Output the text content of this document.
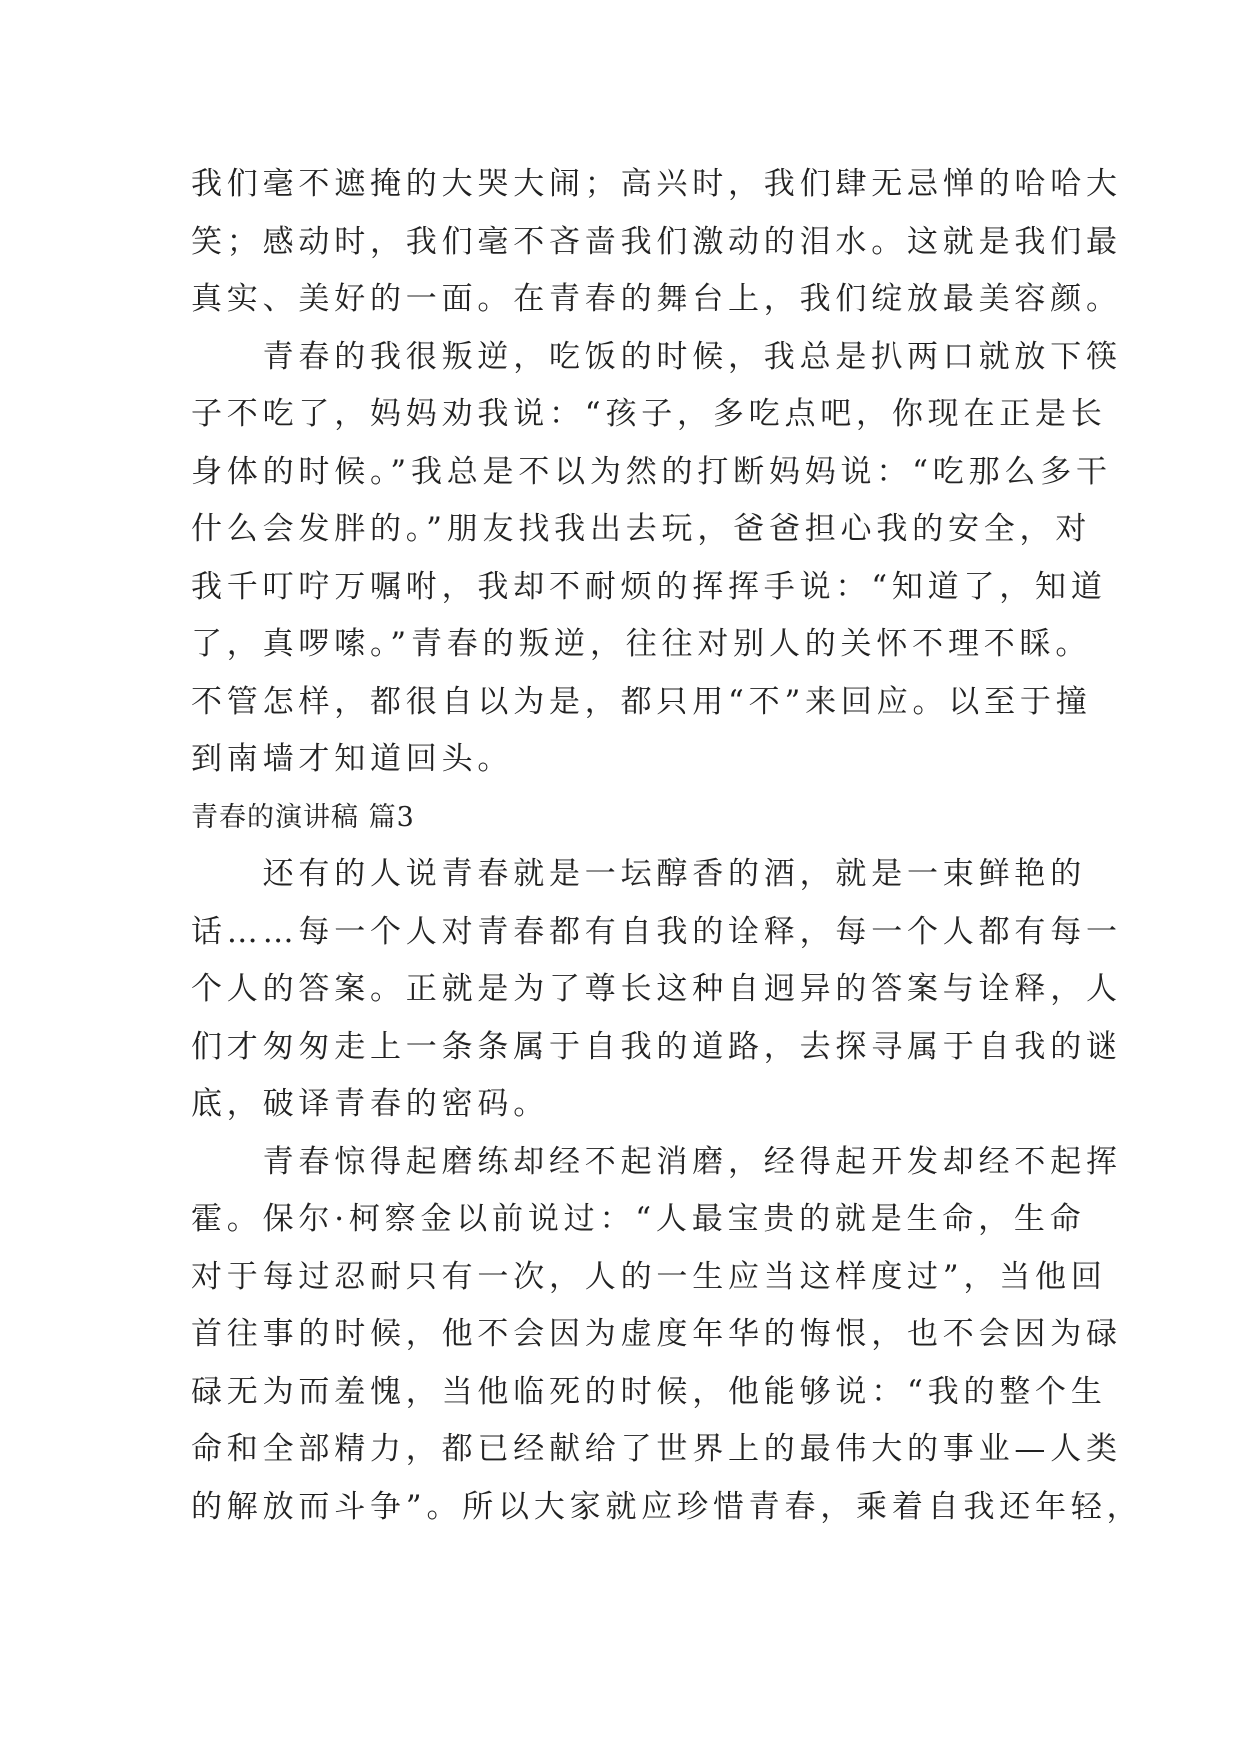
我们毫不遮掩的大哭大闹；高兴时，我们肆无忌惮的哈哈大
笑；感动时，我们毫不吝啬我们激动的泪水。这就是我们最
真实、美好的一面。在青春的舞台上，我们绽放最美容颜。
　　青春的我很叛逆，吃饭的时候，我总是扒两口就放下筷
子不吃了，妈妈劝我说：“孩子，多吃点吧，你现在正是长
身体的时候。”我总是不以为然的打断妈妈说：“吃那么多干
什么会发胖的。”朋友找我出去玩，爸爸担心我的安全，对
我千叮咛万嘱咐，我却不耐烦的挥挥手说：“知道了，知道
了，真啰嗦。”青春的叛逆，往往对别人的关怀不理不睬。
不管怎样，都很自以为是，都只用“不”来回应。以至于撞
到南墙才知道回头。
青春的演讲稿 篇3
　　还有的人说青春就是一坛醇香的酒，就是一束鲜艳的
话……每一个人对青春都有自我的诠释，每一个人都有每一
个人的答案。正就是为了尊长这种自迥异的答案与诠释，人
们才匆匆走上一条条属于自我的道路，去探寻属于自我的谜
底，破译青春的密码。
　　青春惊得起磨练却经不起消磨，经得起开发却经不起挥
霍。保尔·柯察金以前说过：“人最宝贵的就是生命，生命
对于每过忍耐只有一次，人的一生应当这样度过”，当他回
首往事的时候，他不会因为虚度年华的悔恨，也不会因为碌
碌无为而羞愧，当他临死的时候，他能够说：“我的整个生
命和全部精力，都已经献给了世界上的最伟大的事业—人类
的解放而斗争”。所以大家就应珍惜青春，乘着自我还年轻，
